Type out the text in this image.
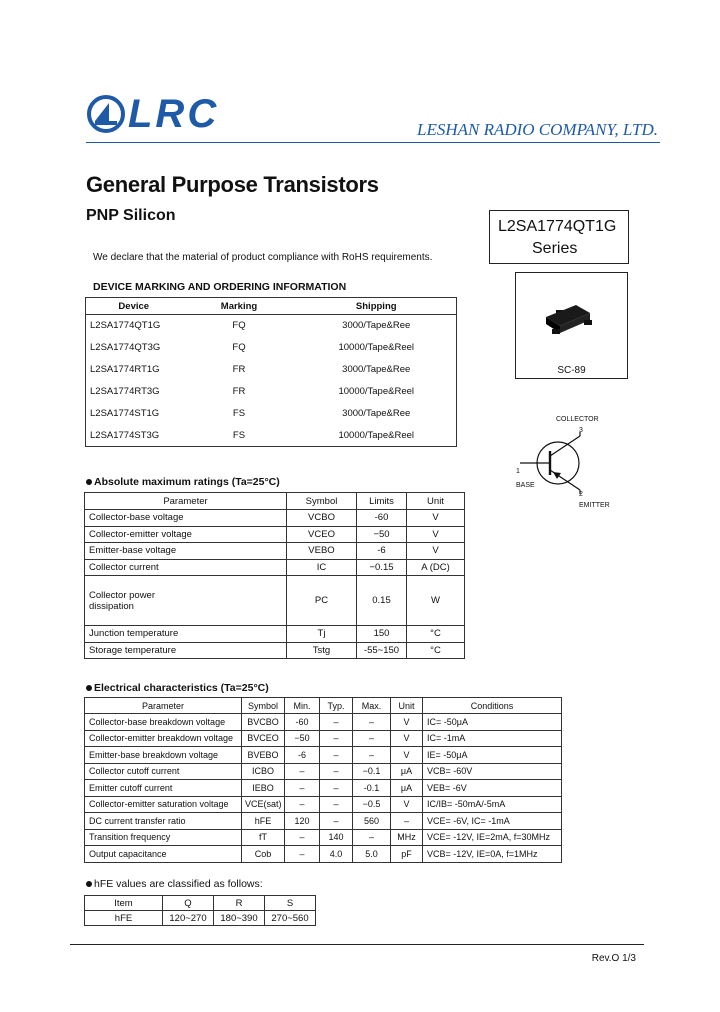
LRC	LESHAN RADIO COMPANY, LTD.
General Purpose Transistors
PNP Silicon
L2SA1774QT1G
Series
We declare that the material of product compliance with RoHS requirements.
DEVICE MARKING AND ORDERING INFORMATION
Device	Marking	Shipping
L2SA1774QT1G	FQ	3000/Tape&Ree
L2SA1774QT3G	FQ	10000/Tape&Reel
L2SA1774RT1G	FR	3000/Tape&Ree
L2SA1774RT3G	FR	10000/Tape&Reel
L2SA1774ST1G	FS	3000/Tape&Ree
L2SA1774ST3G	FS	10000/Tape&Reel
SC-89
COLLECTOR
3
1
BASE
2
EMITTER
Absolute maximum ratings (Ta=25°C)
Parameter	Symbol	Limits	Unit
Collector-base voltage	VCBO	-60	V
Collector-emitter voltage	VCEO	−50	V
Emitter-base voltage	VEBO	-6	V
Collector current	IC	−0.15	A (DC)
Collector power
dissipation	PC	0.15	W
Junction temperature	Tj	150	°C
Storage temperature	Tstg	-55~150	°C
Electrical characteristics (Ta=25°C)
Parameter	Symbol	Min.	Typ.	Max.	Unit	Conditions
Collector-base breakdown voltage	BVCBO	-60	–	–	V	IC= -50μA
Collector-emitter breakdown voltage	BVCEO	−50	–	–	V	IC= -1mA
Emitter-base breakdown voltage	BVEBO	-6	–	–	V	IE= -50μA
Collector cutoff current	ICBO	–	–	−0.1	μA	VCB= -60V
Emitter cutoff current	IEBO	–	–	-0.1	μA	VEB= -6V
Collector-emitter saturation voltage	VCE(sat)	–	–	−0.5	V	IC/IB= -50mA/-5mA
DC current transfer ratio	hFE	120	–	560	–	VCE= -6V, IC= -1mA
Transition frequency	fT	–	140	–	MHz	VCE= -12V, IE=2mA, f=30MHz
Output capacitance	Cob	–	4.0	5.0	pF	VCB= -12V, IE=0A, f=1MHz
hFE values are classified as follows:
Item	Q	R	S
hFE	120~270	180~390	270~560
Rev.O 1/3
